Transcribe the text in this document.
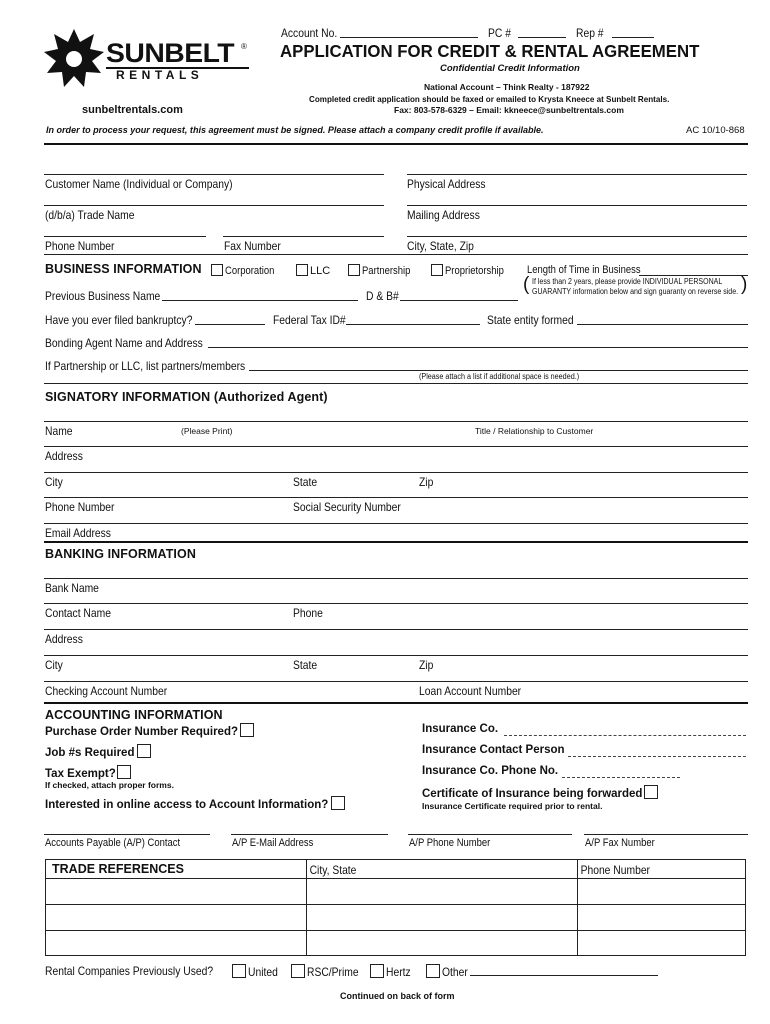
SUNBELT ®
RENTALS
sunbeltrentals.com
Account No.	PC #	Rep #
APPLICATION FOR CREDIT & RENTAL AGREEMENT
Confidential Credit Information
National Account – Think Realty - 187922
Completed credit application should be faxed or emailed to Krysta Kneece at Sunbelt Rentals.
Fax: 803-578-6329 – Email: kkneece@sunbeltrentals.com
In order to process your request, this agreement must be signed. Please attach a company credit profile if available.	AC 10/10-868
Customer Name (Individual or Company)	Physical Address
(d/b/a) Trade Name	Mailing Address
Phone Number	Fax Number	City, State, Zip
BUSINESS INFORMATION	Corporation	LLC	Partnership	Proprietorship	Length of Time in Business
(	)
If less than 2 years, please provide INDIVIDUAL PERSONAL
GUARANTY information below and sign guaranty on reverse side.
Previous Business Name	D & B#
Have you ever filed bankruptcy?	Federal Tax ID#	State entity formed
Bonding Agent Name and Address
If Partnership or LLC, list partners/members
(Please attach a list if additional space is needed.)
SIGNATORY INFORMATION (Authorized Agent)
Name	(Please Print)	Title / Relationship to Customer
Address
City	State	Zip
Phone Number	Social Security Number
Email Address
BANKING INFORMATION
Bank Name
Contact Name	Phone
Address
City	State	Zip
Checking Account Number	Loan Account Number
ACCOUNTING INFORMATION
Purchase Order Number Required?
Job #s Required
Tax Exempt?
If checked, attach proper forms.
Interested in online access to Account Information?
Insurance Co.
Insurance Contact Person
Insurance Co. Phone No.
Certificate of Insurance being forwarded
Insurance Certificate required prior to rental.
Accounts Payable (A/P) Contact	A/P E-Mail Address	A/P Phone Number	A/P Fax Number
TRADE REFERENCES	City, State	Phone Number

Rental Companies Previously Used?	United	RSC/Prime	Hertz	Other
Continued on back of form
